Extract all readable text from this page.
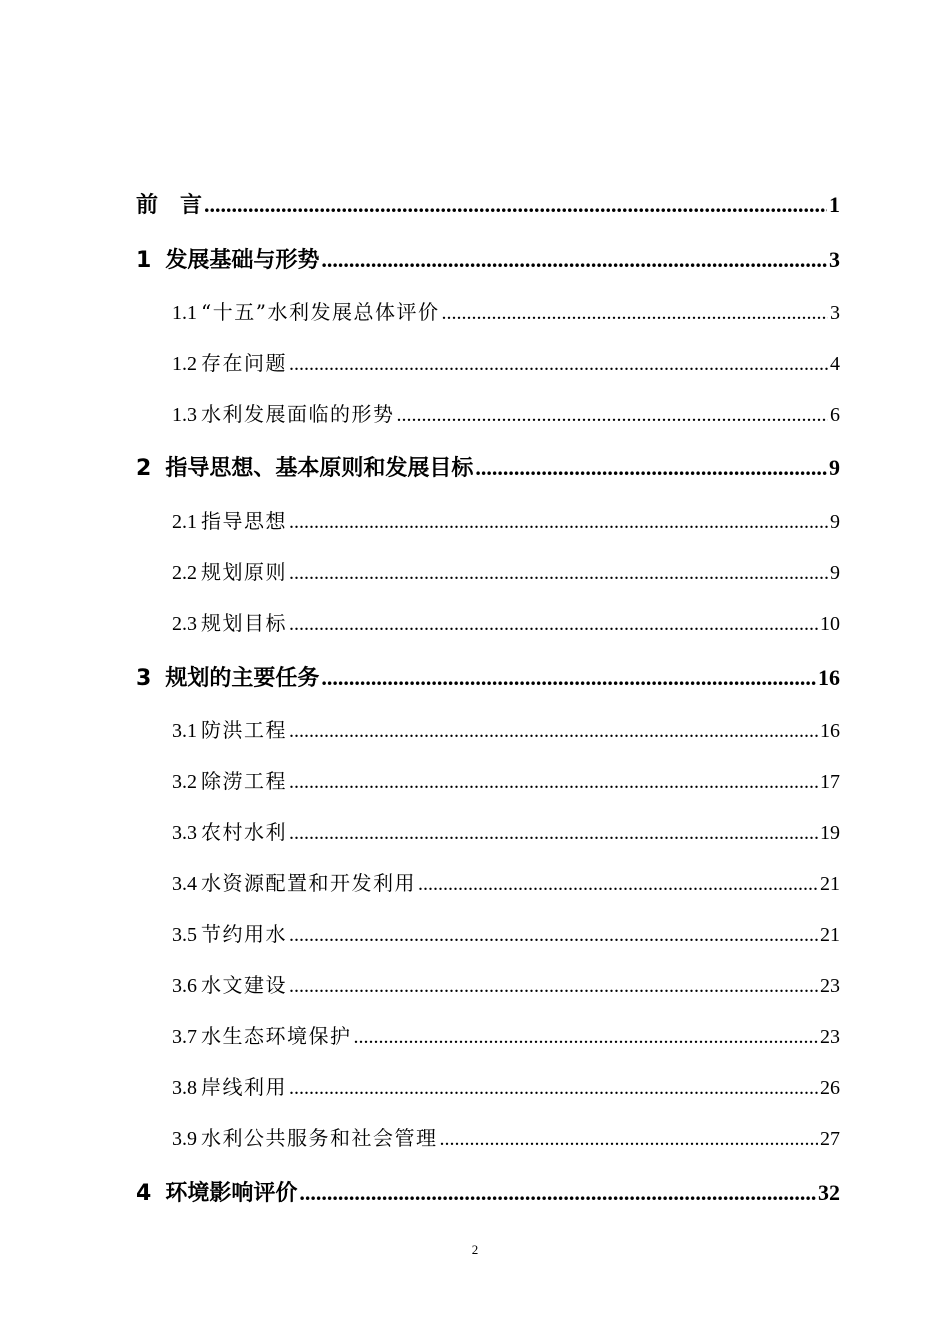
前 言 .....	1
1 发展基础与形势 .....	3
1.1 “十五”水利发展总体评价 .....	3
1.2 存在问题 .....	4
1.3 水利发展面临的形势 .....	6
2 指导思想、基本原则和发展目标 .....	9
2.1 指导思想 .....	9
2.2 规划原则 .....	9
2.3 规划目标 .....	10
3 规划的主要任务 .....	16
3.1 防洪工程 .....	16
3.2 除涝工程 .....	17
3.3 农村水利 .....	19
3.4 水资源配置和开发利用 .....	21
3.5 节约用水 .....	21
3.6 水文建设 .....	23
3.7 水生态环境保护 .....	23
3.8 岸线利用 .....	26
3.9 水利公共服务和社会管理 .....	27
4 环境影响评价 .....	32
2
